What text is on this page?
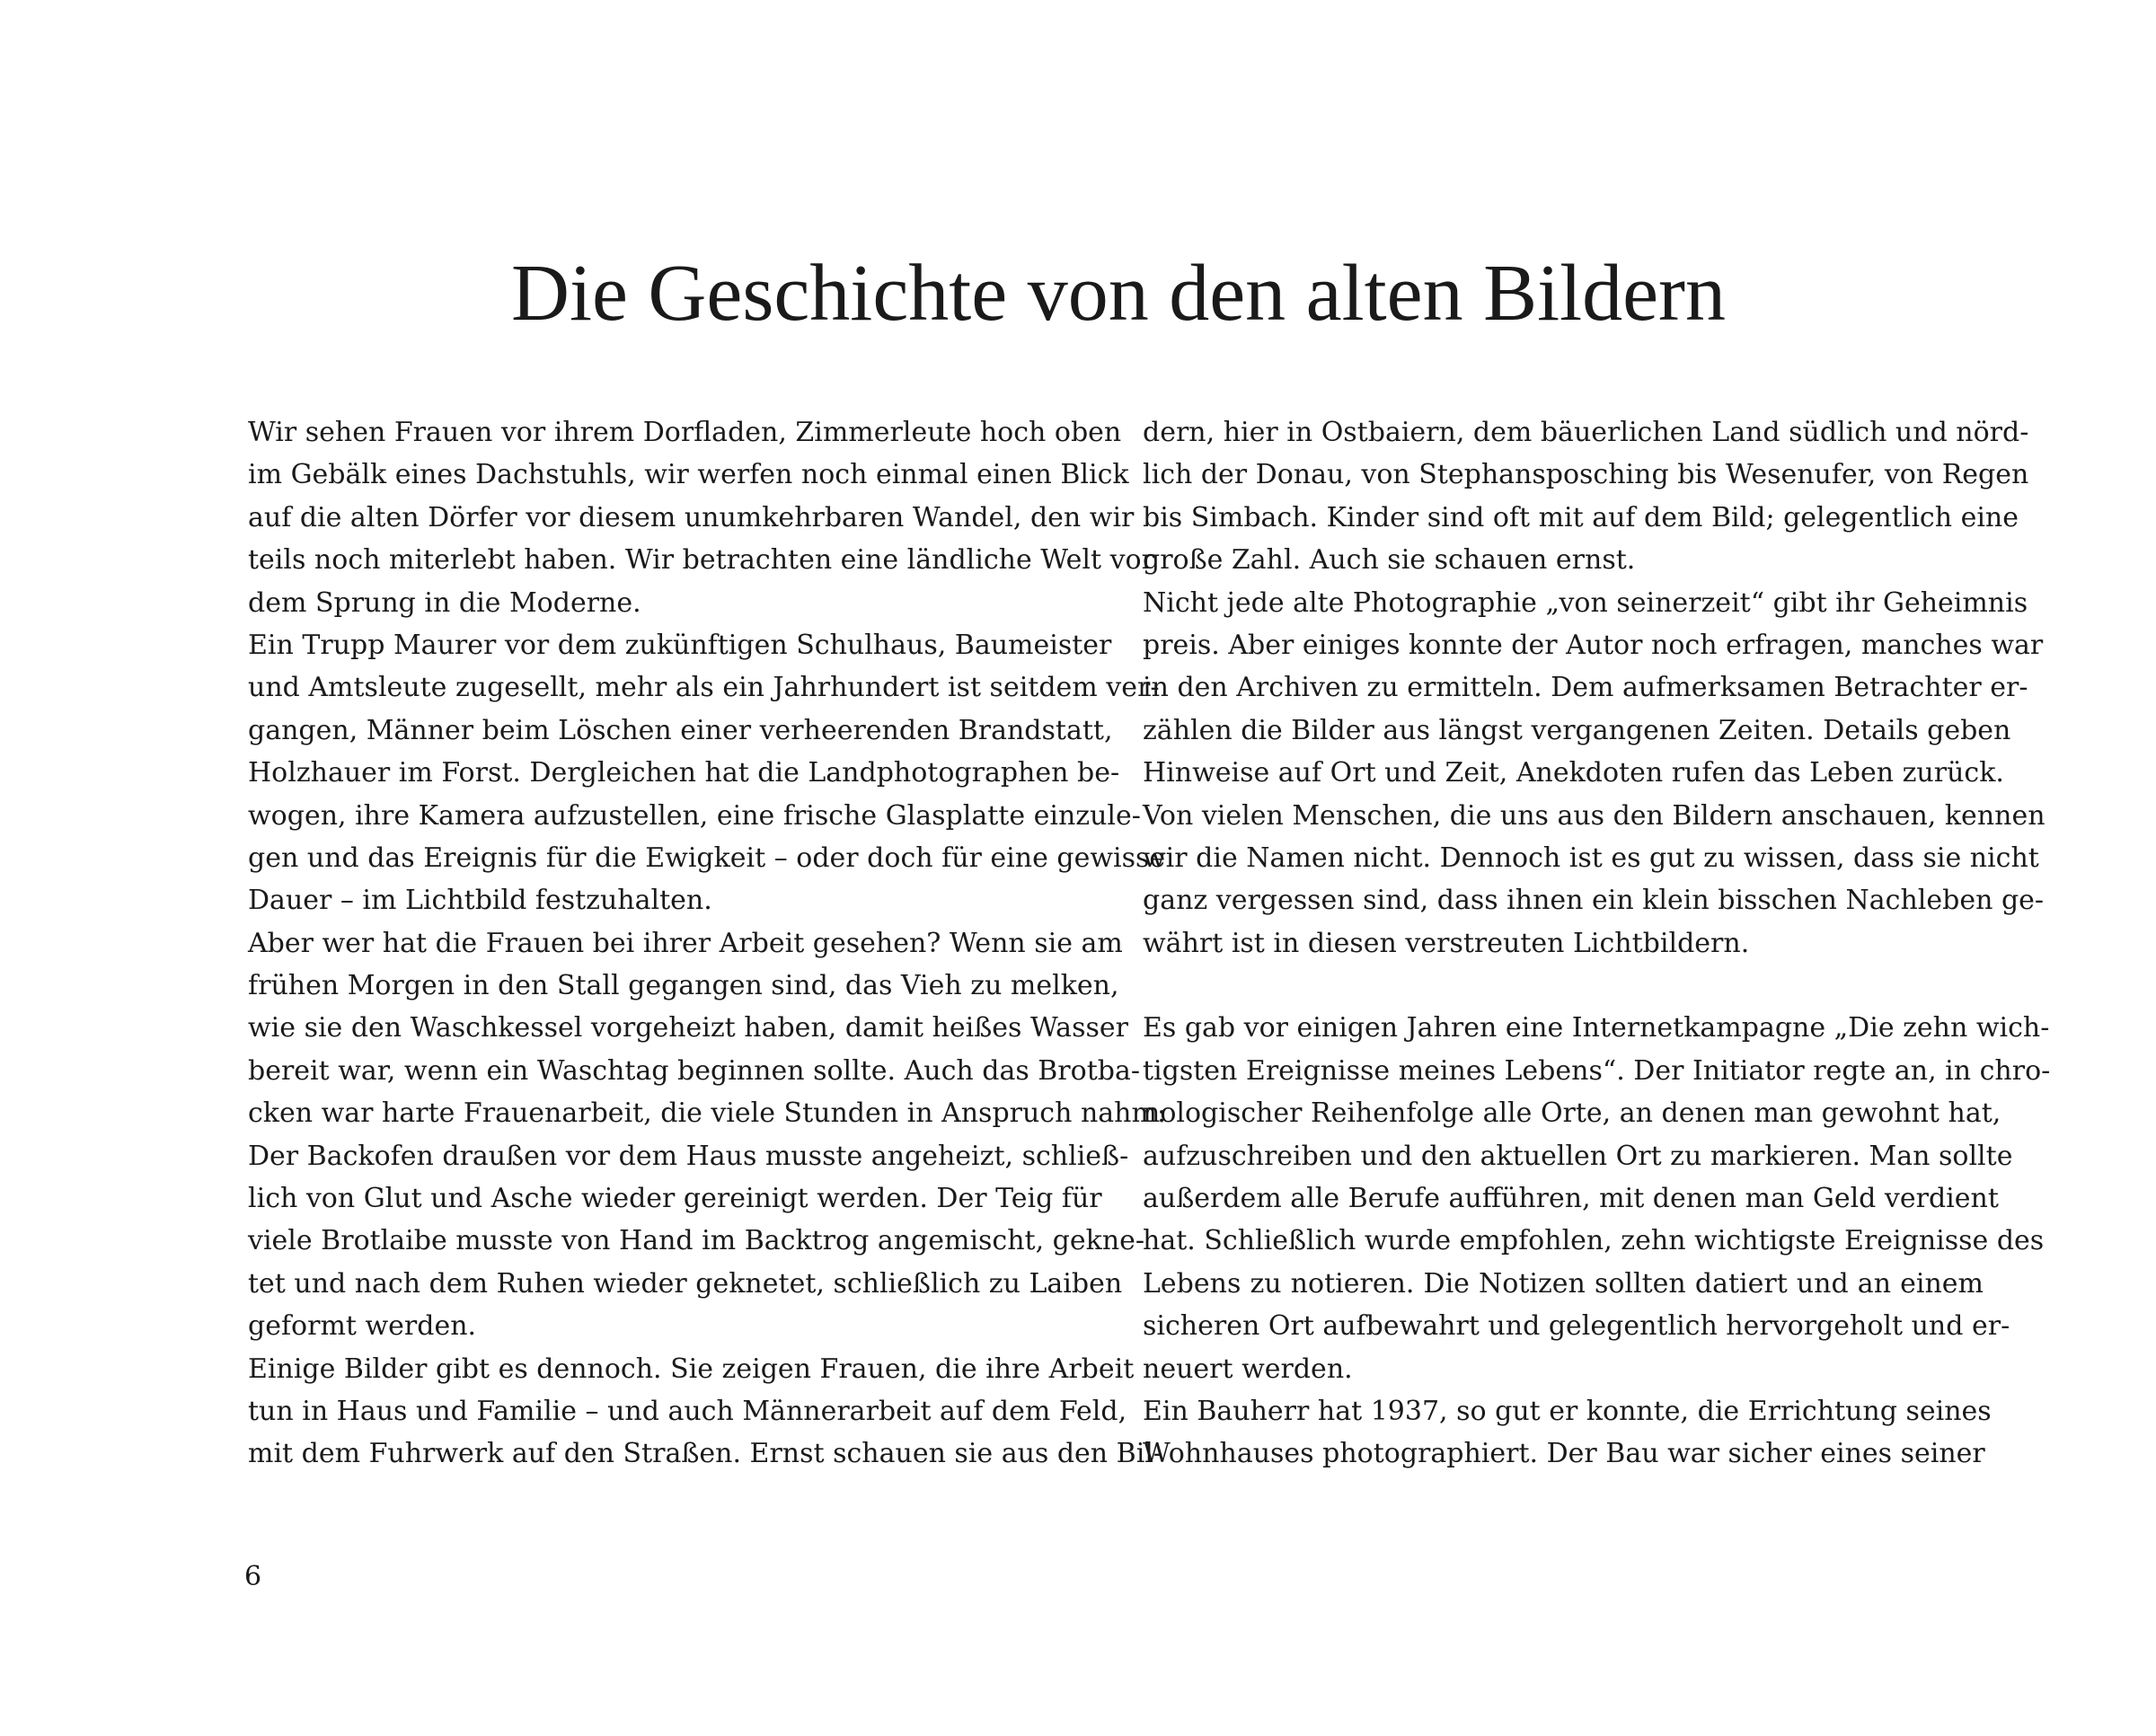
Die Geschichte von den alten Bildern
Wir sehen Frauen vor ihrem Dorfladen, Zimmerleute hoch oben
im Gebälk eines Dachstuhls, wir werfen noch einmal einen Blick
auf die alten Dörfer vor diesem unumkehrbaren Wandel, den wir
teils noch miterlebt haben. Wir betrachten eine ländliche Welt vor
dem Sprung in die Moderne.
Ein Trupp Maurer vor dem zukünftigen Schulhaus, Baumeister
und Amtsleute zugesellt, mehr als ein Jahrhundert ist seitdem ver-
gangen, Männer beim Löschen einer verheerenden Brandstatt,
Holzhauer im Forst. Dergleichen hat die Landphotographen be-
wogen, ihre Kamera aufzustellen, eine frische Glasplatte einzule-
gen und das Ereignis für die Ewigkeit – oder doch für eine gewisse
Dauer – im Lichtbild festzuhalten.
Aber wer hat die Frauen bei ihrer Arbeit gesehen? Wenn sie am
frühen Morgen in den Stall gegangen sind, das Vieh zu melken,
wie sie den Waschkessel vorgeheizt haben, damit heißes Wasser
bereit war, wenn ein Waschtag beginnen sollte. Auch das Brotba-
cken war harte Frauenarbeit, die viele Stunden in Anspruch nahm:
Der Backofen draußen vor dem Haus musste angeheizt, schließ-
lich von Glut und Asche wieder gereinigt werden. Der Teig für
viele Brotlaibe musste von Hand im Backtrog angemischt, gekne-
tet und nach dem Ruhen wieder geknetet, schließlich zu Laiben
geformt werden.
Einige Bilder gibt es dennoch. Sie zeigen Frauen, die ihre Arbeit
tun in Haus und Familie – und auch Männerarbeit auf dem Feld,
mit dem Fuhrwerk auf den Straßen. Ernst schauen sie aus den Bil-
dern, hier in Ostbaiern, dem bäuerlichen Land südlich und nörd-
lich der Donau, von Stephansposching bis Wesenufer, von Regen
bis Simbach. Kinder sind oft mit auf dem Bild; gelegentlich eine
große Zahl. Auch sie schauen ernst.
Nicht jede alte Photographie „von seinerzeit“ gibt ihr Geheimnis
preis. Aber einiges konnte der Autor noch erfragen, manches war
in den Archiven zu ermitteln. Dem aufmerksamen Betrachter er-
zählen die Bilder aus längst vergangenen Zeiten. Details geben
Hinweise auf Ort und Zeit, Anekdoten rufen das Leben zurück.
Von vielen Menschen, die uns aus den Bildern anschauen, kennen
wir die Namen nicht. Dennoch ist es gut zu wissen, dass sie nicht
ganz vergessen sind, dass ihnen ein klein bisschen Nachleben ge-
währt ist in diesen verstreuten Lichtbildern.
Es gab vor einigen Jahren eine Internetkampagne „Die zehn wich-
tigsten Ereignisse meines Lebens“. Der Initiator regte an, in chro-
nologischer Reihenfolge alle Orte, an denen man gewohnt hat,
aufzuschreiben und den aktuellen Ort zu markieren. Man sollte
außerdem alle Berufe aufführen, mit denen man Geld verdient
hat. Schließlich wurde empfohlen, zehn wichtigste Ereignisse des
Lebens zu notieren. Die Notizen sollten datiert und an einem
sicheren Ort aufbewahrt und gelegentlich hervorgeholt und er-
neuert werden.
Ein Bauherr hat 1937, so gut er konnte, die Errichtung seines
Wohnhauses photographiert. Der Bau war sicher eines seiner
6
